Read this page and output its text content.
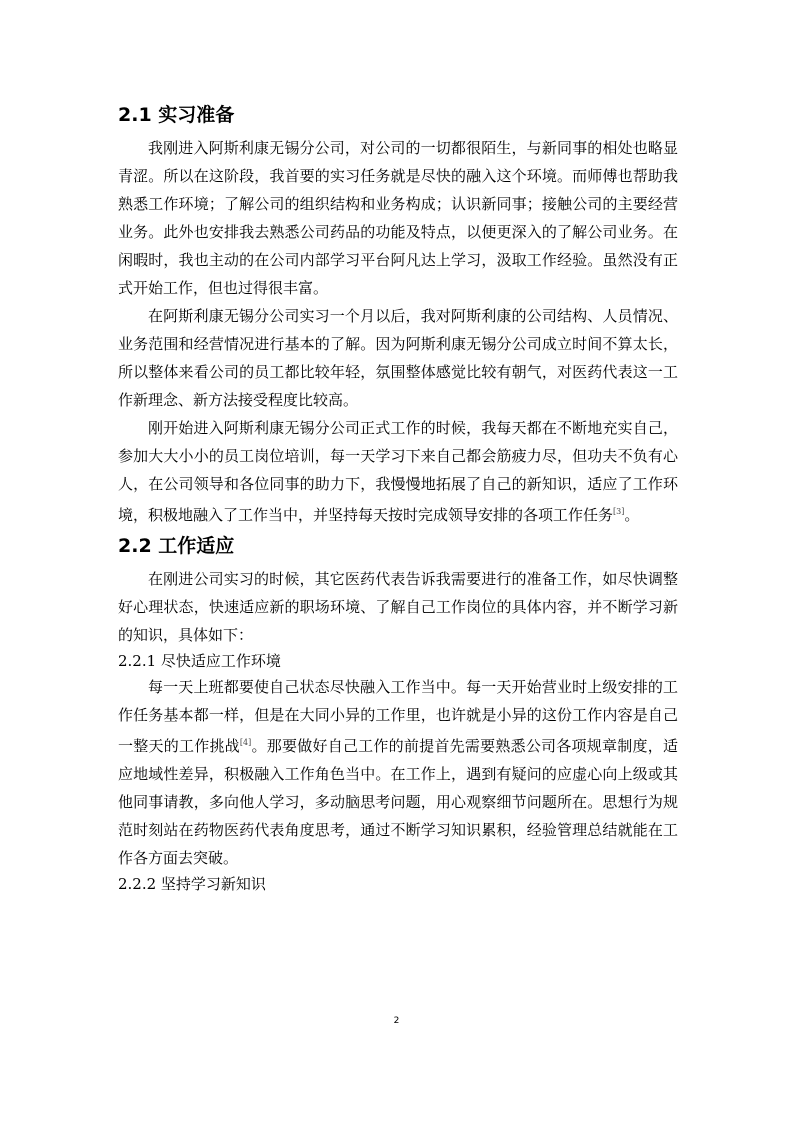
2.1 实习准备

我刚进入阿斯利康无锡分公司，对公司的一切都很陌生，与新同事的相处也略显青涩。所以在这阶段，我首要的实习任务就是尽快的融入这个环境。而师傅也帮助我熟悉工作环境；了解公司的组织结构和业务构成；认识新同事；接触公司的主要经营业务。此外也安排我去熟悉公司药品的功能及特点，以便更深入的了解公司业务。在闲暇时，我也主动的在公司内部学习平台阿凡达上学习，汲取工作经验。虽然没有正式开始工作，但也过得很丰富。

在阿斯利康无锡分公司实习一个月以后，我对阿斯利康的公司结构、人员情况、业务范围和经营情况进行基本的了解。因为阿斯利康无锡分公司成立时间不算太长，所以整体来看公司的员工都比较年轻，氛围整体感觉比较有朝气，对医药代表这一工作新理念、新方法接受程度比较高。

刚开始进入阿斯利康无锡分公司正式工作的时候，我每天都在不断地充实自己，参加大大小小的员工岗位培训，每一天学习下来自己都会筋疲力尽，但功夫不负有心人，在公司领导和各位同事的助力下，我慢慢地拓展了自己的新知识，适应了工作环境，积极地融入了工作当中，并坚持每天按时完成领导安排的各项工作任务[3]。

2.2 工作适应

在刚进公司实习的时候，其它医药代表告诉我需要进行的准备工作，如尽快调整好心理状态，快速适应新的职场环境、了解自己工作岗位的具体内容，并不断学习新的知识，具体如下：

2.2.1 尽快适应工作环境

每一天上班都要使自己状态尽快融入工作当中。每一天开始营业时上级安排的工作任务基本都一样，但是在大同小异的工作里，也许就是小异的这份工作内容是自己一整天的工作挑战[4]。那要做好自己工作的前提首先需要熟悉公司各项规章制度，适应地域性差异，积极融入工作角色当中。在工作上，遇到有疑问的应虚心向上级或其他同事请教，多向他人学习，多动脑思考问题，用心观察细节问题所在。思想行为规范时刻站在药物医药代表角度思考，通过不断学习知识累积，经验管理总结就能在工作各方面去突破。

2.2.2 坚持学习新知识
2
